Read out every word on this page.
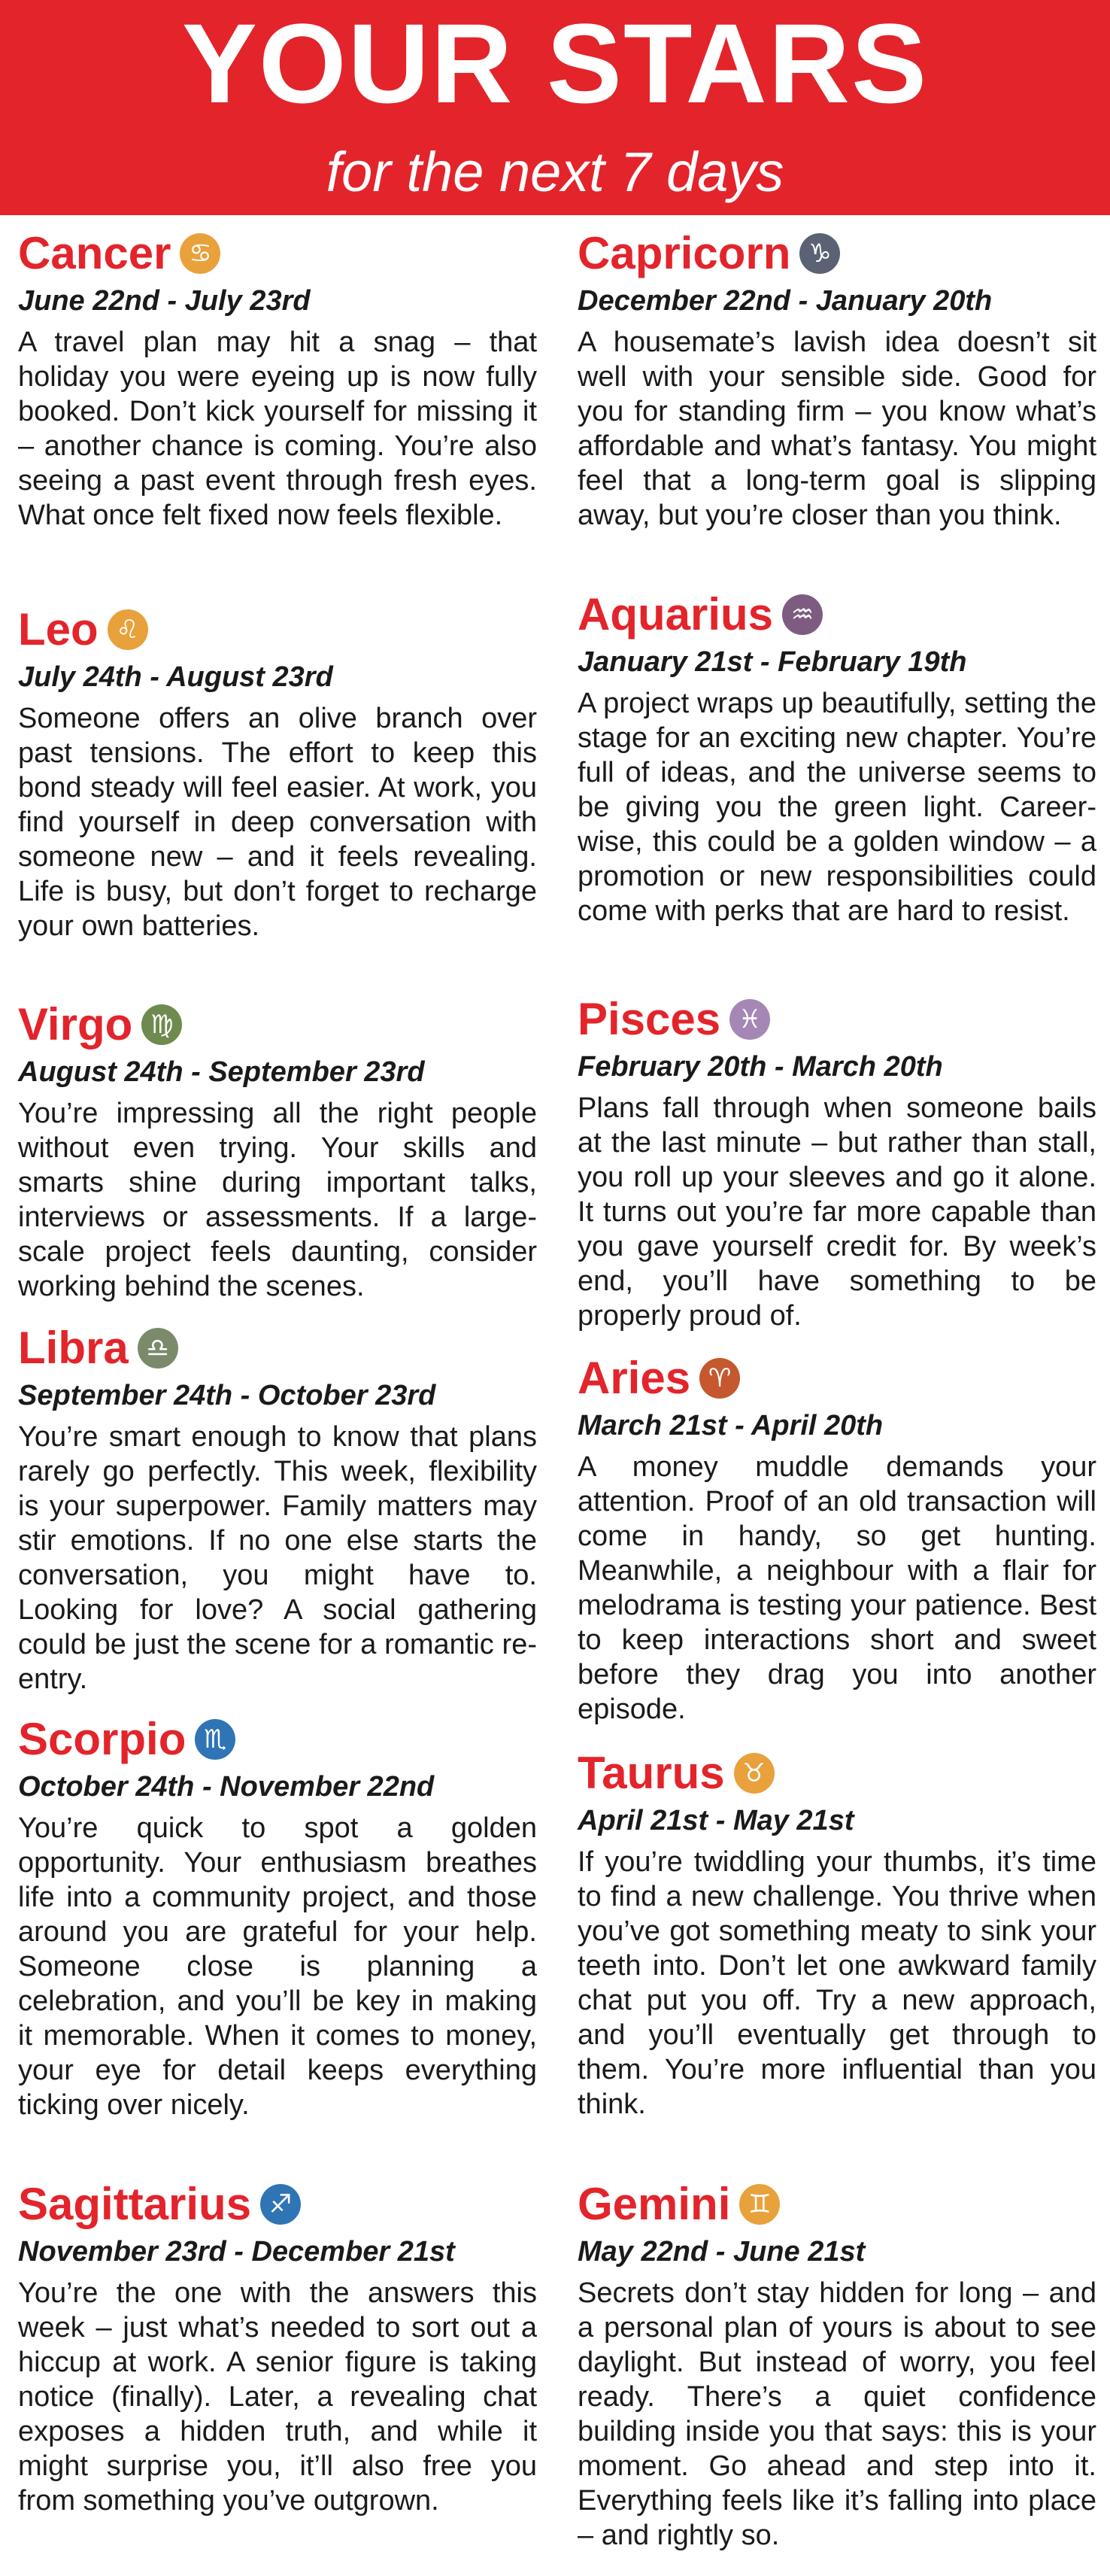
YOUR STARS
for the next 7 days
Cancer ♋
June 22nd - July 23rd
A travel plan may hit a snag – that holiday you were eyeing up is now fully booked. Don’t kick yourself for missing it – another chance is coming. You’re also seeing a past event through fresh eyes. What once felt fixed now feels flexible.
Leo ♌
July 24th - August 23rd
Someone offers an olive branch over past tensions. The effort to keep this bond steady will feel easier. At work, you find yourself in deep conversation with someone new – and it feels revealing. Life is busy, but don’t forget to recharge your own batteries.
Virgo ♍
August 24th - September 23rd
You’re impressing all the right people without even trying. Your skills and smarts shine during important talks, interviews or assessments. If a large-scale project feels daunting, consider working behind the scenes.
Libra ♎
September 24th - October 23rd
You’re smart enough to know that plans rarely go perfectly. This week, flexibility is your superpower. Family matters may stir emotions. If no one else starts the conversation, you might have to. Looking for love? A social gathering could be just the scene for a romantic re-entry.
Scorpio ♏
October 24th - November 22nd
You’re quick to spot a golden opportunity. Your enthusiasm breathes life into a community project, and those around you are grateful for your help. Someone close is planning a celebration, and you’ll be key in making it memorable. When it comes to money, your eye for detail keeps everything ticking over nicely.
Sagittarius ♐
November 23rd - December 21st
You’re the one with the answers this week – just what’s needed to sort out a hiccup at work. A senior figure is taking notice (finally). Later, a revealing chat exposes a hidden truth, and while it might surprise you, it’ll also free you from something you’ve outgrown.
Capricorn ♑
December 22nd - January 20th
A housemate’s lavish idea doesn’t sit well with your sensible side. Good for you for standing firm – you know what’s affordable and what’s fantasy. You might feel that a long-term goal is slipping away, but you’re closer than you think.
Aquarius ♒
January 21st - February 19th
A project wraps up beautifully, setting the stage for an exciting new chapter. You’re full of ideas, and the universe seems to be giving you the green light. Career-wise, this could be a golden window – a promotion or new responsibilities could come with perks that are hard to resist.
Pisces ♓
February 20th - March 20th
Plans fall through when someone bails at the last minute – but rather than stall, you roll up your sleeves and go it alone. It turns out you’re far more capable than you gave yourself credit for. By week’s end, you’ll have something to be properly proud of.
Aries ♈
March 21st - April 20th
A money muddle demands your attention. Proof of an old transaction will come in handy, so get hunting. Meanwhile, a neighbour with a flair for melodrama is testing your patience. Best to keep interactions short and sweet before they drag you into another episode.
Taurus ♉
April 21st - May 21st
If you’re twiddling your thumbs, it’s time to find a new challenge. You thrive when you’ve got something meaty to sink your teeth into. Don’t let one awkward family chat put you off. Try a new approach, and you’ll eventually get through to them. You’re more influential than you think.
Gemini ♊
May 22nd - June 21st
Secrets don’t stay hidden for long – and a personal plan of yours is about to see daylight. But instead of worry, you feel ready. There’s a quiet confidence building inside you that says: this is your moment. Go ahead and step into it. Everything feels like it’s falling into place – and rightly so.
